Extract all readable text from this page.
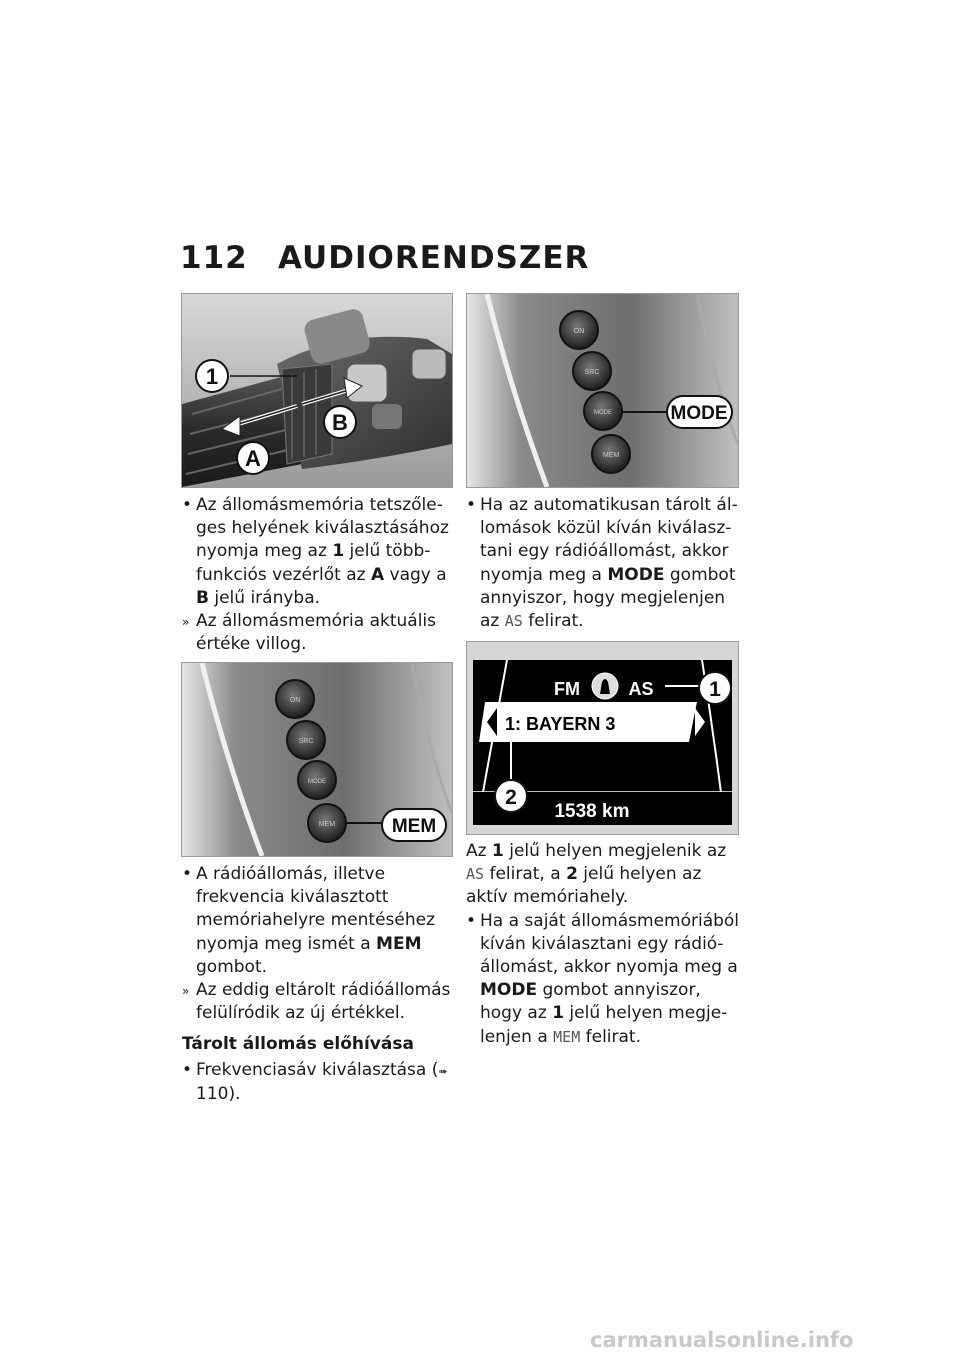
112 AUDIORENDSZER
1
A
B
ON
SRC
MODE
MEM
MODE
ON
SRC
MODE
MEM	MEM
FM	AS
1: BAYERN 3
1538 km
1
2

• Az állomásmemória tetszőleges helyének kiválasztásához nyomja meg az 1 jelű többfunkciós vezérlőt az A vagy a B jelű irányba.

» Az állomásmemória aktuális értéke villog.

• A rádióállomás, illetve frekvencia kiválasztott memóriahelyre mentéséhez nyomja meg ismét a MEM gombot.

» Az eddig eltárolt rádióállomás felülíródik az új értékkel.

Tárolt állomás előhívása

• Frekvenciasáv kiválasztása (➠ 110).

• Ha az automatikusan tárolt állomások közül kíván kiválasztani egy rádióállomást, akkor nyomja meg a MODE gombot annyiszor, hogy megjelenjen az AS felirat.

Az 1 jelű helyen megjelenik az AS felirat, a 2 jelű helyen az aktív memóriahely.

• Ha a saját állomásmemóriából kíván kiválasztani egy rádióállomást, akkor nyomja meg a MODE gombot annyiszor, hogy az 1 jelű helyen megjelenjen a MEM felirat.

carmanualsonline.info
